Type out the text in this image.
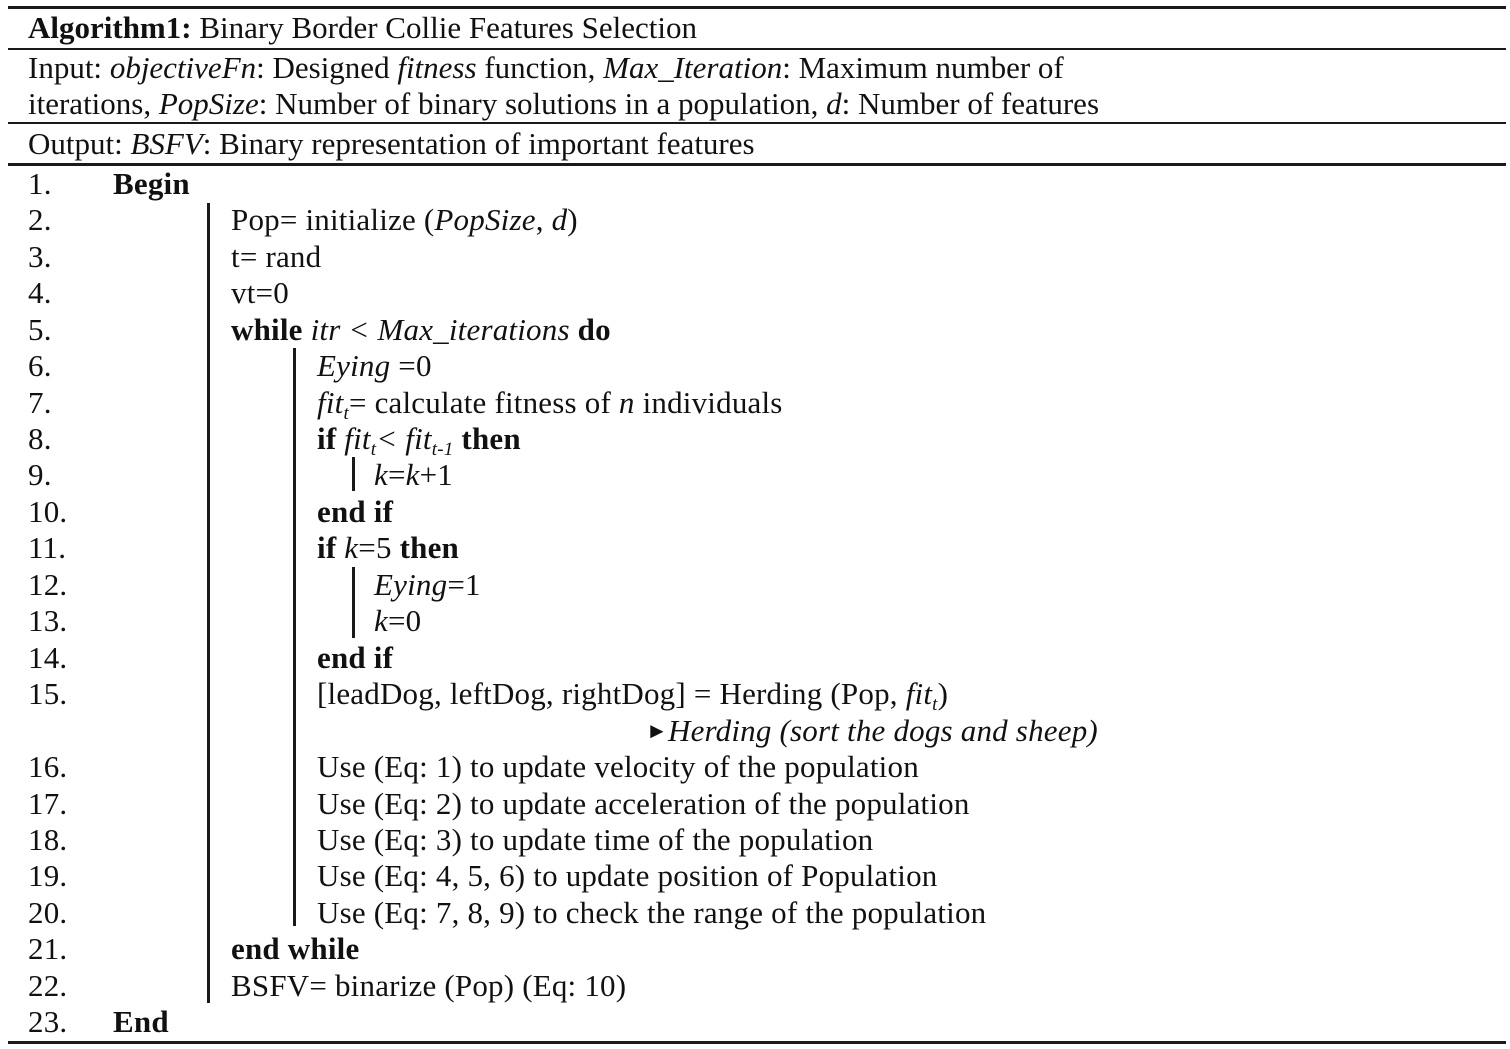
Algorithm1: Binary Border Collie Features Selection
Input: objectiveFn: Designed fitness function, Max_Iteration: Maximum number of
iterations, PopSize: Number of binary solutions in a population, d: Number of features
Output: BSFV: Binary representation of important features
1.	Begin
2.	Pop= initialize (PopSize, d)
3.	t= rand
4.	vt=0
5.	while itr < Max_iterations do
6.	Eying =0
7.	fit$_t$= calculate fitness of n individuals
8.	if fit$_t$< fit$_{t-1}$ then
9.	k=k+1
10.	end if
11.	if k=5 then
12.	Eying=1
13.	k=0
14.	end if
15.	[leadDog, leftDog, rightDog] = Herding (Pop, fit$_t$)
►Herding (sort the dogs and sheep)
16.	Use (Eq: 1) to update velocity of the population
17.	Use (Eq: 2) to update acceleration of the population
18.	Use (Eq: 3) to update time of the population
19.	Use (Eq: 4, 5, 6) to update position of Population
20.	Use (Eq: 7, 8, 9) to check the range of the population
21.	end while
22.	BSFV= binarize (Pop) (Eq: 10)
23.	End
